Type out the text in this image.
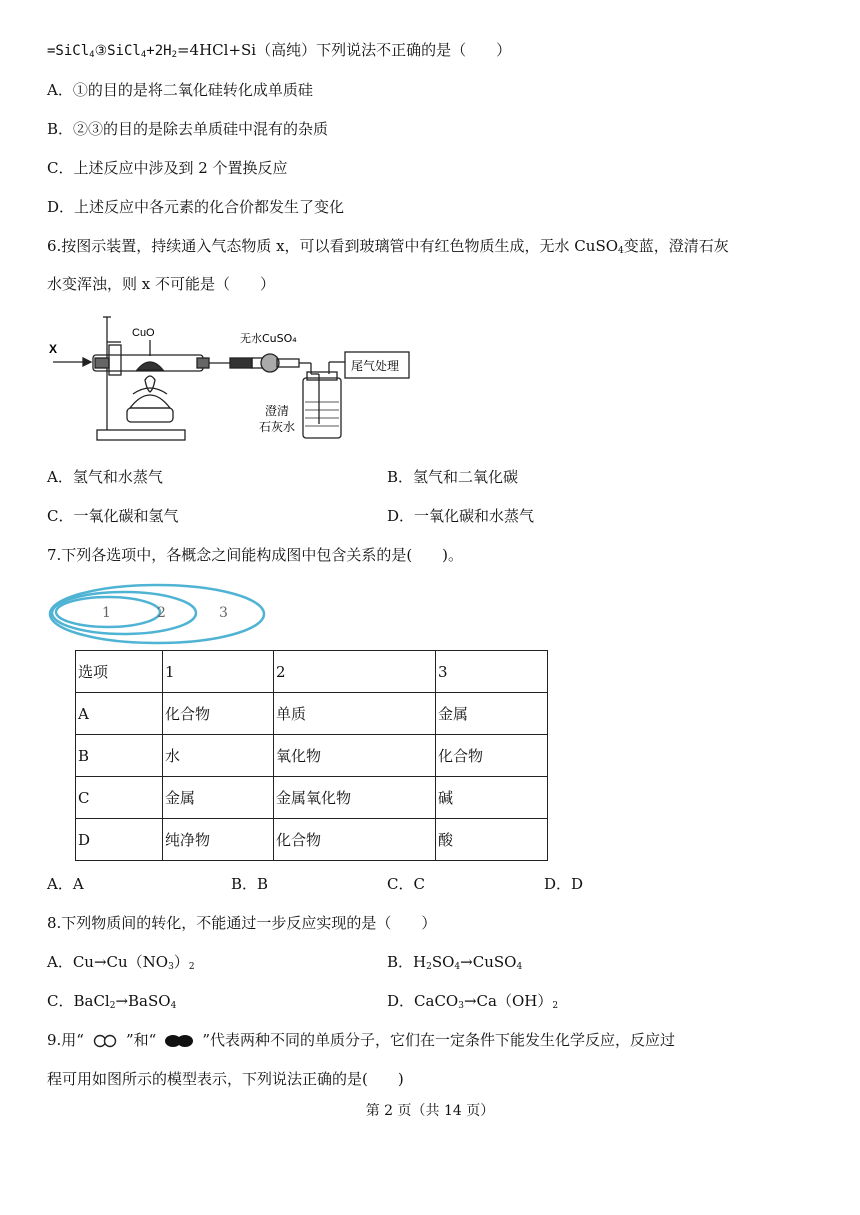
$=SiCl_4③SiCl_4+2H_2=4HCl+Si$（高纯）下列说法不正确的是（　　）
A．①的目的是将二氧化硅转化成单质硅
B．②③的目的是除去单质硅中混有的杂质
C．上述反应中涉及到 2 个置换反应
D．上述反应中各元素的化合价都发生了变化
6.按图示装置，持续通入气态物质 x，可以看到玻璃管中有红色物质生成，无水 CuSO$_4$变蓝，澄清石灰
水变浑浊，则 x 不可能是（　　）
X
CuO	无水CuSO₄
尾气处理
澄清
石灰水
A．氢气和水蒸气	B．氢气和二氧化碳
C．一氧化碳和氢气	D．一氧化碳和水蒸气
7.下列各选项中，各概念之间能构成图中包含关系的是(　　)。
1	2	3
选项	1	2	3
A	化合物	单质	金属
B	水	氧化物	化合物
C	金属	金属氧化物	碱
D	纯净物	化合物	酸
A．A	B．B	C．C	D．D
8.下列物质间的转化，不能通过一步反应实现的是（　　）
A．$Cu\to Cu(NO_3)_2$	B．$H_2SO_4\to CuSO_4$
C．BaCl$_2$→BaSO$_4$	D．$CaCO_3\to Ca(OH)_2$
9.用“	”和“	”代表两种不同的单质分子，它们在一定条件下能发生化学反应，反应过
程可用如图所示的模型表示，下列说法正确的是(　　)
第 2 页（共 14 页）
